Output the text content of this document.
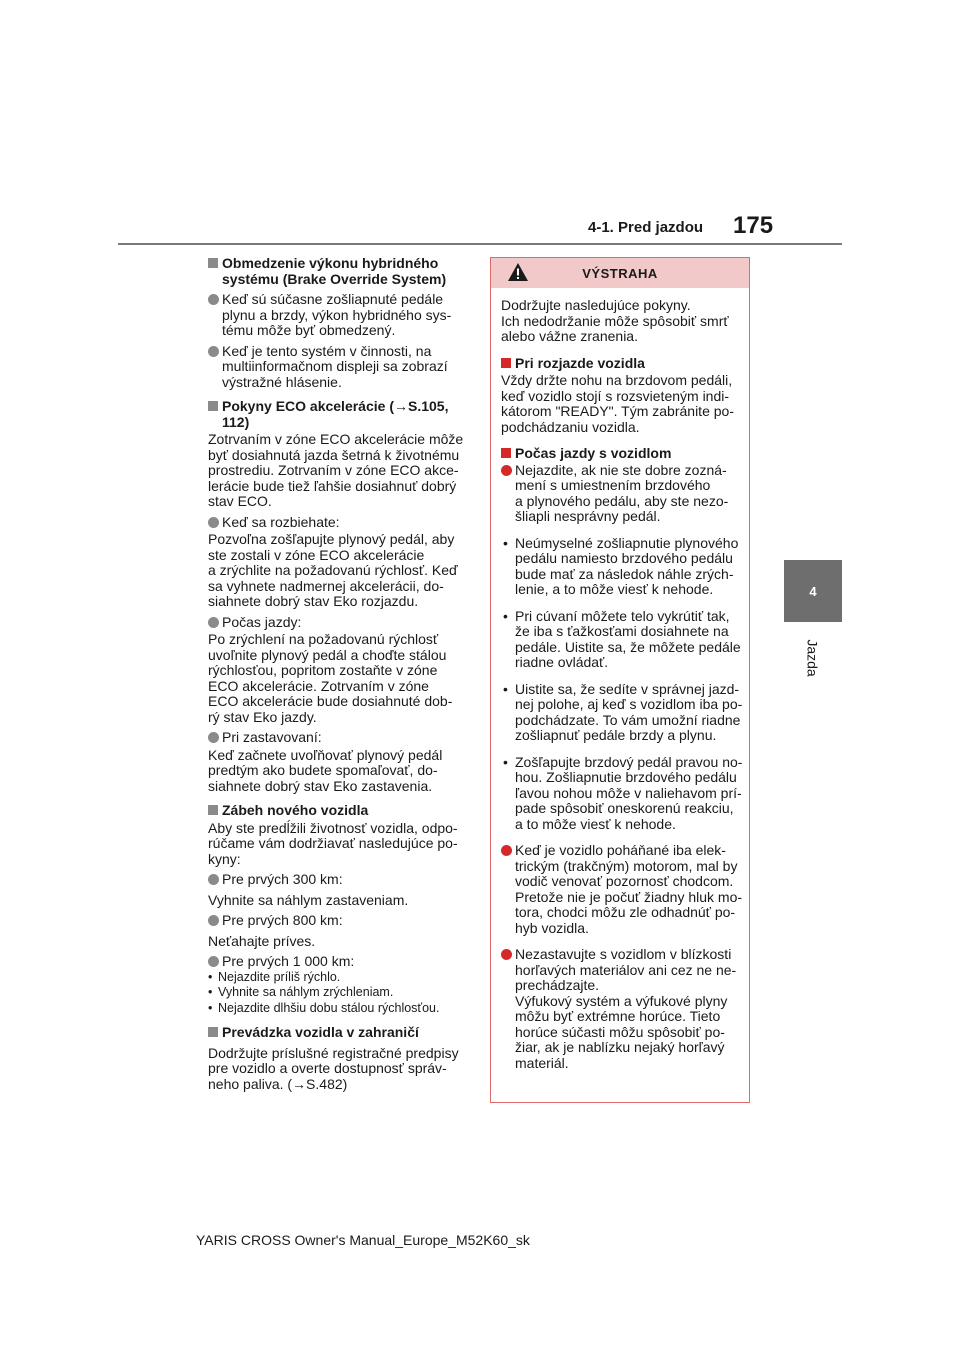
4-1. Pred jazdou 175
4
Jazda
Obmedzenie výkonu hybridného
systému (Brake Override System)
Keď sú súčasne zošliapnuté pedále
plynu a brzdy, výkon hybridného sys-
tému môže byť obmedzený.
Keď je tento systém v činnosti, na
multiinformačnom displeji sa zobrazí
výstražné hlásenie.
Pokyny ECO akcelerácie (→S.105,
112)
Zotrvaním v zóne ECO akcelerácie môže
byť dosiahnutá jazda šetrná k životnému
prostrediu. Zotrvaním v zóne ECO akce-
lerácie bude tiež ľahšie dosiahnuť dobrý
stav ECO.
Keď sa rozbiehate:
Pozvoľna zošľapujte plynový pedál, aby
ste zostali v zóne ECO akcelerácie
a zrýchlite na požadovanú rýchlosť. Keď
sa vyhnete nadmernej akcelerácii, do-
siahnete dobrý stav Eko rozjazdu.
Počas jazdy:
Po zrýchlení na požadovanú rýchlosť
uvoľnite plynový pedál a choďte stálou
rýchlosťou, popritom zostaňte v zóne
ECO akcelerácie. Zotrvaním v zóne
ECO akcelerácie bude dosiahnuté dob-
rý stav Eko jazdy.
Pri zastavovaní:
Keď začnete uvoľňovať plynový pedál
predtým ako budete spomaľovať, do-
siahnete dobrý stav Eko zastavenia.
Zábeh nového vozidla
Aby ste predĺžili životnosť vozidla, odpo-
rúčame vám dodržiavať nasledujúce po-
kyny:
Pre prvých 300 km:
Vyhnite sa náhlym zastaveniam.
Pre prvých 800 km:
Neťahajte príves.
Pre prvých 1 000 km:
• Nejazdite príliš rýchlo.
• Vyhnite sa náhlym zrýchleniam.
• Nejazdite dlhšiu dobu stálou rýchlosťou.
Prevádzka vozidla v zahraničí
Dodržujte príslušné registračné predpisy
pre vozidlo a overte dostupnosť správ-
neho paliva. (→S.482)
VÝSTRAHA
Dodržujte nasledujúce pokyny.
Ich nedodržanie môže spôsobiť smrť
alebo vážne zranenia.
Pri rozjazde vozidla
Vždy držte nohu na brzdovom pedáli,
keď vozidlo stojí s rozsvieteným indi-
kátorom "READY". Tým zabránite po-
podchádzaniu vozidla.
Počas jazdy s vozidlom
Nejazdite, ak nie ste dobre zozná-
mení s umiestnením brzdového
a plynového pedálu, aby ste nezo-
šliapli nesprávny pedál.
• Neúmyselné zošliapnutie plynového
pedálu namiesto brzdového pedálu
bude mať za následok náhle zrých-
lenie, a to môže viesť k nehode.
• Pri cúvaní môžete telo vykrútiť tak,
že iba s ťažkosťami dosiahnete na
pedále. Uistite sa, že môžete pedále
riadne ovládať.
• Uistite sa, že sedíte v správnej jazd-
nej polohe, aj keď s vozidlom iba po-
podchádzate. To vám umožní riadne
zošliapnuť pedále brzdy a plynu.
• Zošľapujte brzdový pedál pravou no-
hou. Zošliapnutie brzdového pedálu
ľavou nohou môže v naliehavom prí-
pade spôsobiť oneskorenú reakciu,
a to môže viesť k nehode.
Keď je vozidlo poháňané iba elek-
trickým (trakčným) motorom, mal by
vodič venovať pozornosť chodcom.
Pretože nie je počuť žiadny hluk mo-
tora, chodci môžu zle odhadnúť po-
hyb vozidla.
Nezastavujte s vozidlom v blízkosti
horľavých materiálov ani cez ne ne-
prechádzajte.
Výfukový systém a výfukové plyny
môžu byť extrémne horúce. Tieto
horúce súčasti môžu spôsobiť po-
žiar, ak je nablízku nejaký horľavý
materiál.
YARIS CROSS Owner's Manual_Europe_M52K60_sk
